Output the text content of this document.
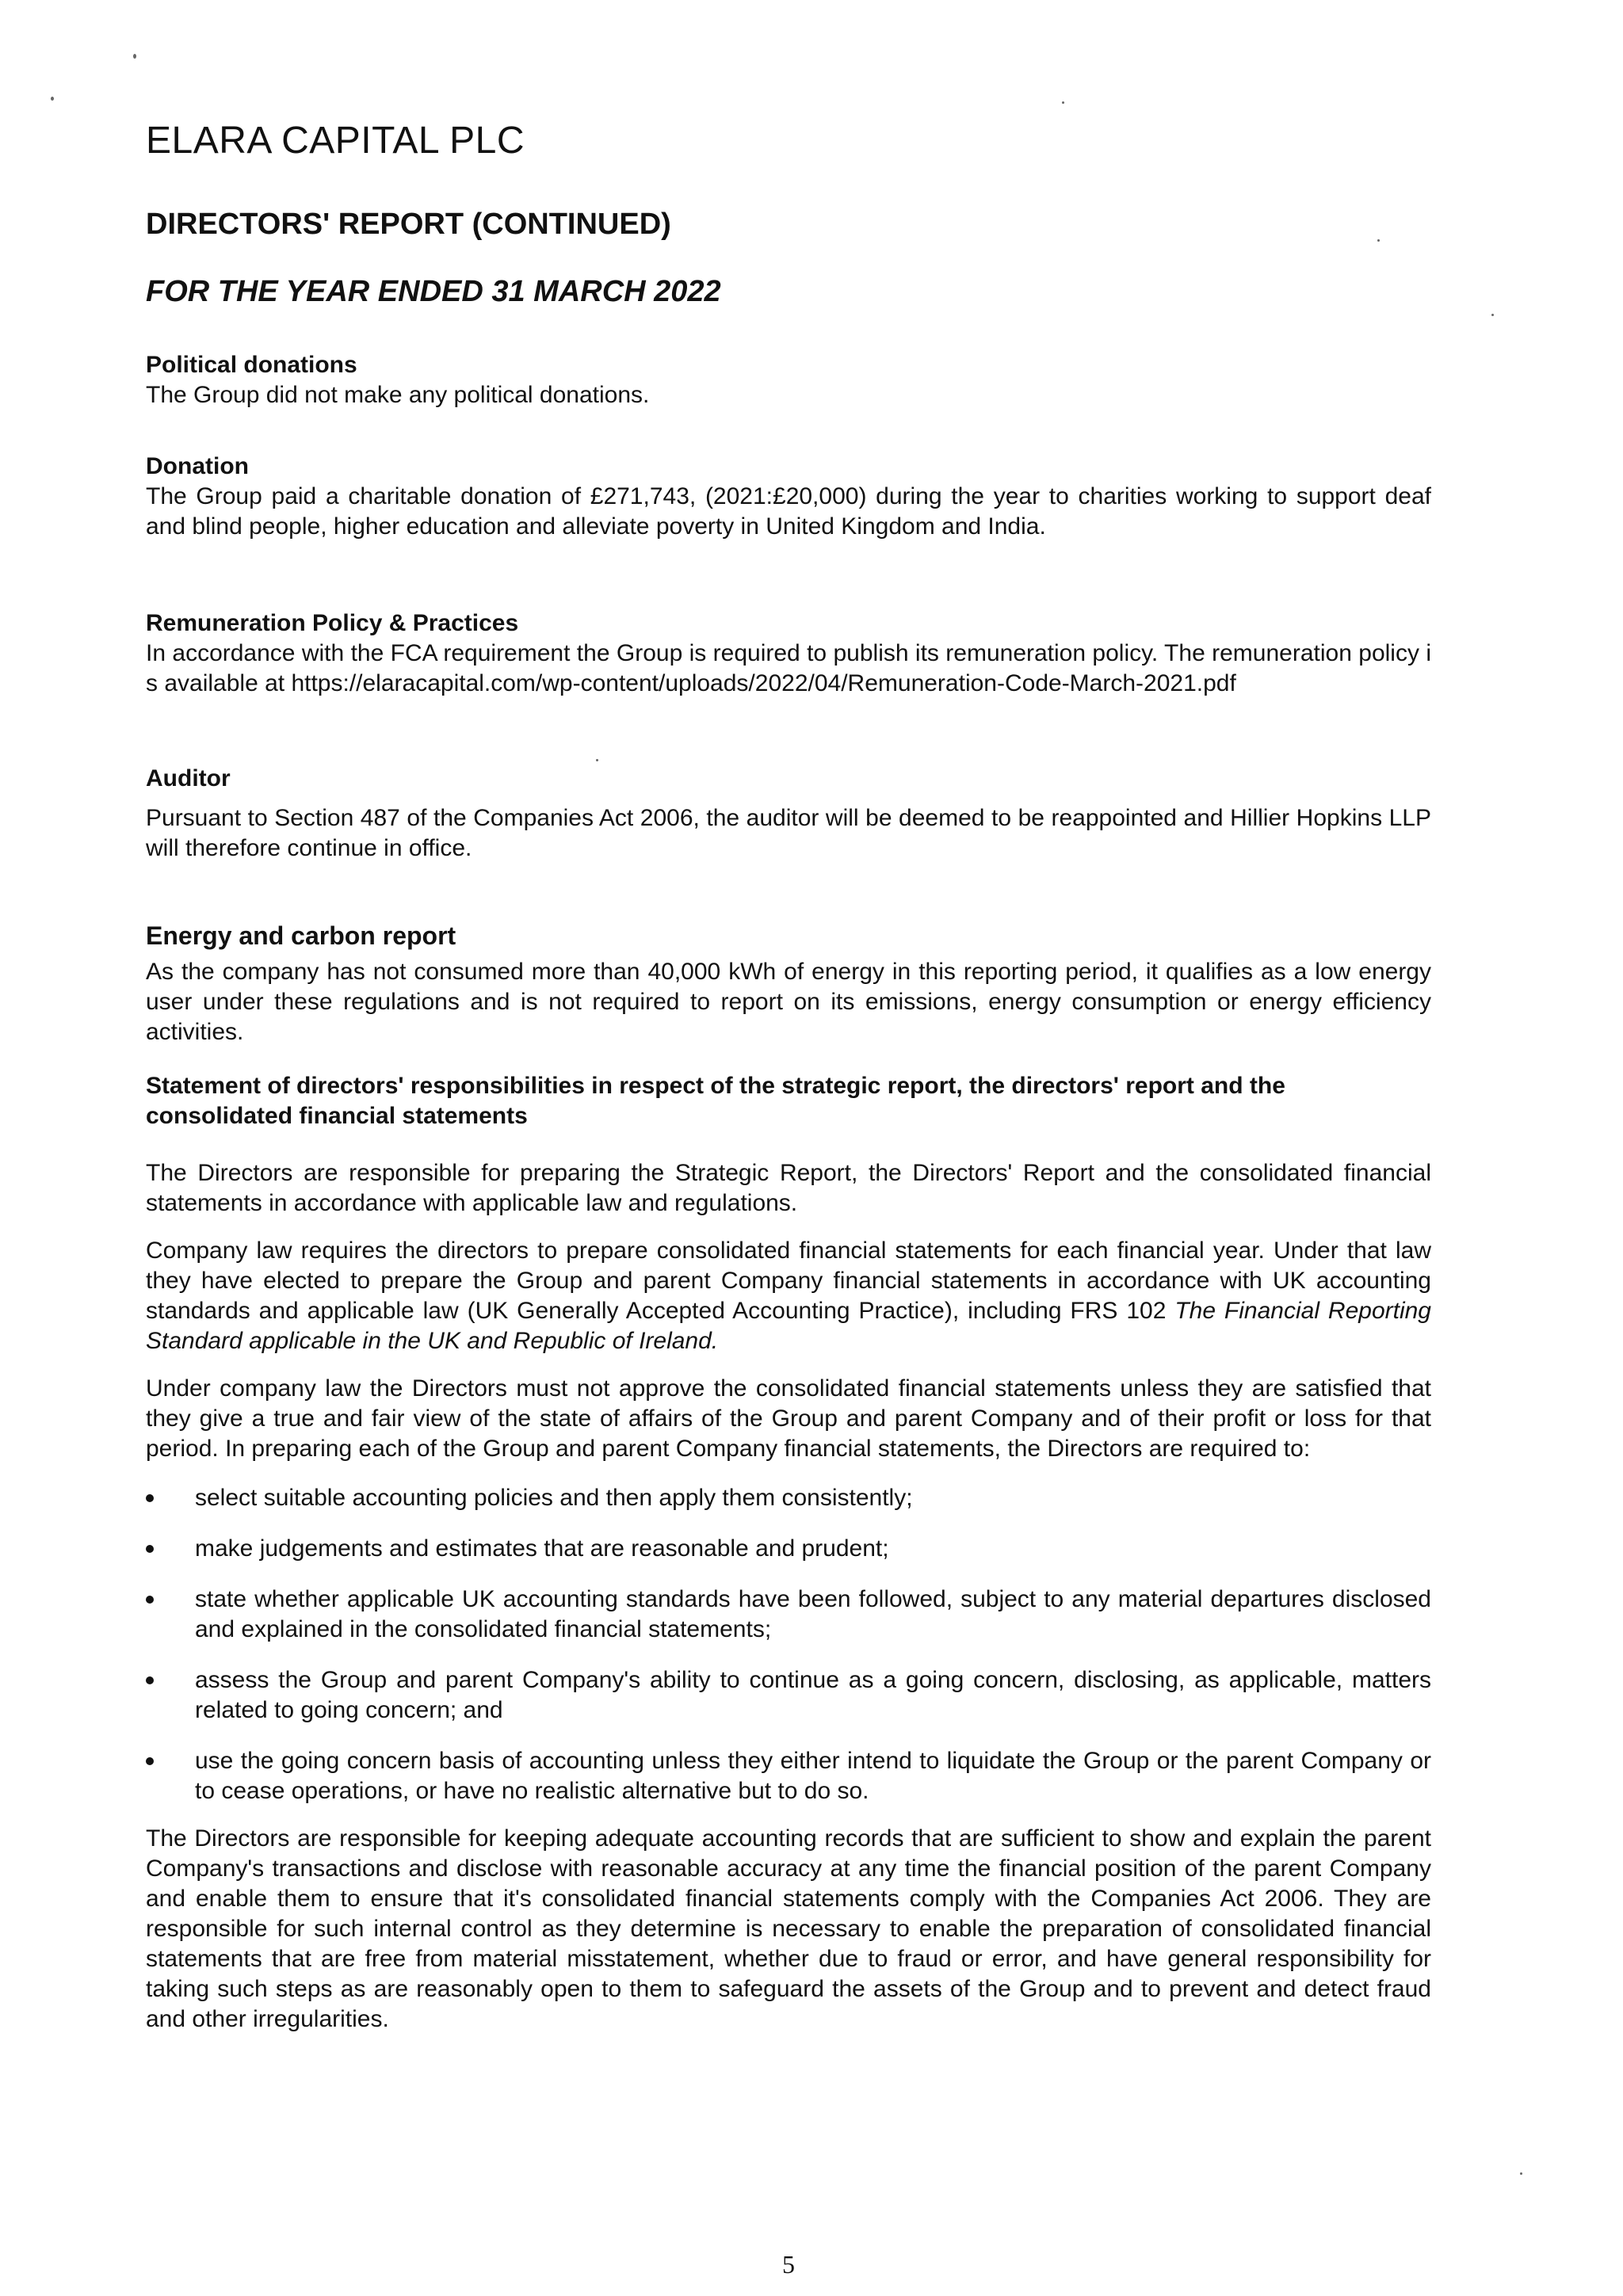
ELARA CAPITAL PLC
DIRECTORS' REPORT (CONTINUED)
FOR THE YEAR ENDED 31 MARCH 2022
Political donations

The Group did not make any political donations.

Donation

The Group paid a charitable donation of £271,743, (2021:£20,000) during the year to charities working to support deaf and blind people, higher education and alleviate poverty in United Kingdom and India.

Remuneration Policy & Practices

In accordance with the FCA requirement the Group is required to publish its remuneration policy. The remuneration policy is available at https://elaracapital.com/wp-content/uploads/2022/04/Remuneration-Code-March-2021.pdf

Auditor

Pursuant to Section 487 of the Companies Act 2006, the auditor will be deemed to be reappointed and Hillier Hopkins LLP will therefore continue in office.

Energy and carbon report

As the company has not consumed more than 40,000 kWh of energy in this reporting period, it qualifies as a low energy user under these regulations and is not required to report on its emissions, energy consumption or energy efficiency activities.

Statement of directors' responsibilities in respect of the strategic report, the directors' report and the consolidated financial statements

The Directors are responsible for preparing the Strategic Report, the Directors' Report and the consolidated financial statements in accordance with applicable law and regulations.

Company law requires the directors to prepare consolidated financial statements for each financial year. Under that law they have elected to prepare the Group and parent Company financial statements in accordance with UK accounting standards and applicable law (UK Generally Accepted Accounting Practice), including FRS 102 The Financial Reporting Standard applicable in the UK and Republic of Ireland.

Under company law the Directors must not approve the consolidated financial statements unless they are satisfied that they give a true and fair view of the state of affairs of the Group and parent Company and of their profit or loss for that period. In preparing each of the Group and parent Company financial statements, the Directors are required to:

select suitable accounting policies and then apply them consistently;
make judgements and estimates that are reasonable and prudent;
state whether applicable UK accounting standards have been followed, subject to any material departures disclosed and explained in the consolidated financial statements;
assess the Group and parent Company's ability to continue as a going concern, disclosing, as applicable, matters related to going concern; and
use the going concern basis of accounting unless they either intend to liquidate the Group or the parent Company or to cease operations, or have no realistic alternative but to do so.

The Directors are responsible for keeping adequate accounting records that are sufficient to show and explain the parent Company's transactions and disclose with reasonable accuracy at any time the financial position of the parent Company and enable them to ensure that it's consolidated financial statements comply with the Companies Act 2006. They are responsible for such internal control as they determine is necessary to enable the preparation of consolidated financial statements that are free from material misstatement, whether due to fraud or error, and have general responsibility for taking such steps as are reasonably open to them to safeguard the assets of the Group and to prevent and detect fraud and other irregularities.

5
